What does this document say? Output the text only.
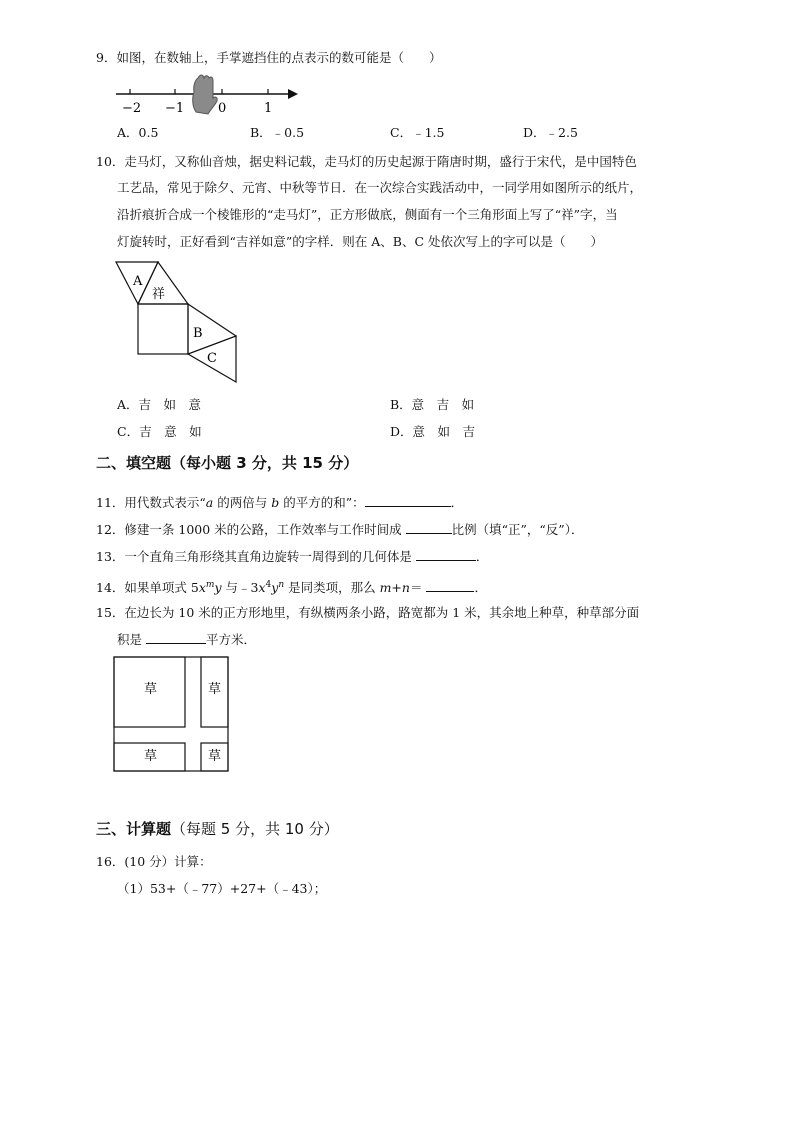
9．如图，在数轴上，手掌遮挡住的点表示的数可能是（　　）
−2 −1	0	1
A．0.5	B．﹣0.5	C．﹣1.5	D．﹣2.5
10．走马灯，又称仙音烛，据史料记载，走马灯的历史起源于隋唐时期，盛行于宋代，是中国特色
工艺品，常见于除夕、元宵、中秋等节日．在一次综合实践活动中，一同学用如图所示的纸片，
沿折痕折合成一个棱锥形的“走马灯”，正方形做底，侧面有一个三角形面上写了“祥”字，当
灯旋转时，正好看到“吉祥如意”的字样．则在 A、B、C 处依次写上的字可以是（　　）
A
祥
B
C
A．吉　如　意	B．意　吉　如
C．吉　意　如	D．意　如　吉
二、填空题（每小题 3 分，共 15 分）
11．用代数式表示“a 的两倍与 b 的平方的和”：	．
12．修建一条 1000 米的公路，工作效率与工作时间成	比例（填“正”，“反”）．
13．一个直角三角形绕其直角边旋转一周得到的几何体是	．
14．如果单项式 $5x^my$ 与$﹣3x^4y^n$ 是同类项，那么 m+n＝	．
15．在边长为 10 米的正方形地里，有纵横两条小路，路宽都为 1 米，其余地上种草，种草部分面
积是	平方米．
草	草
草	草
三、计算题（每题 5 分，共 10 分）
16．(10 分）计算：
（1）53+（﹣77）+27+（﹣43）；
